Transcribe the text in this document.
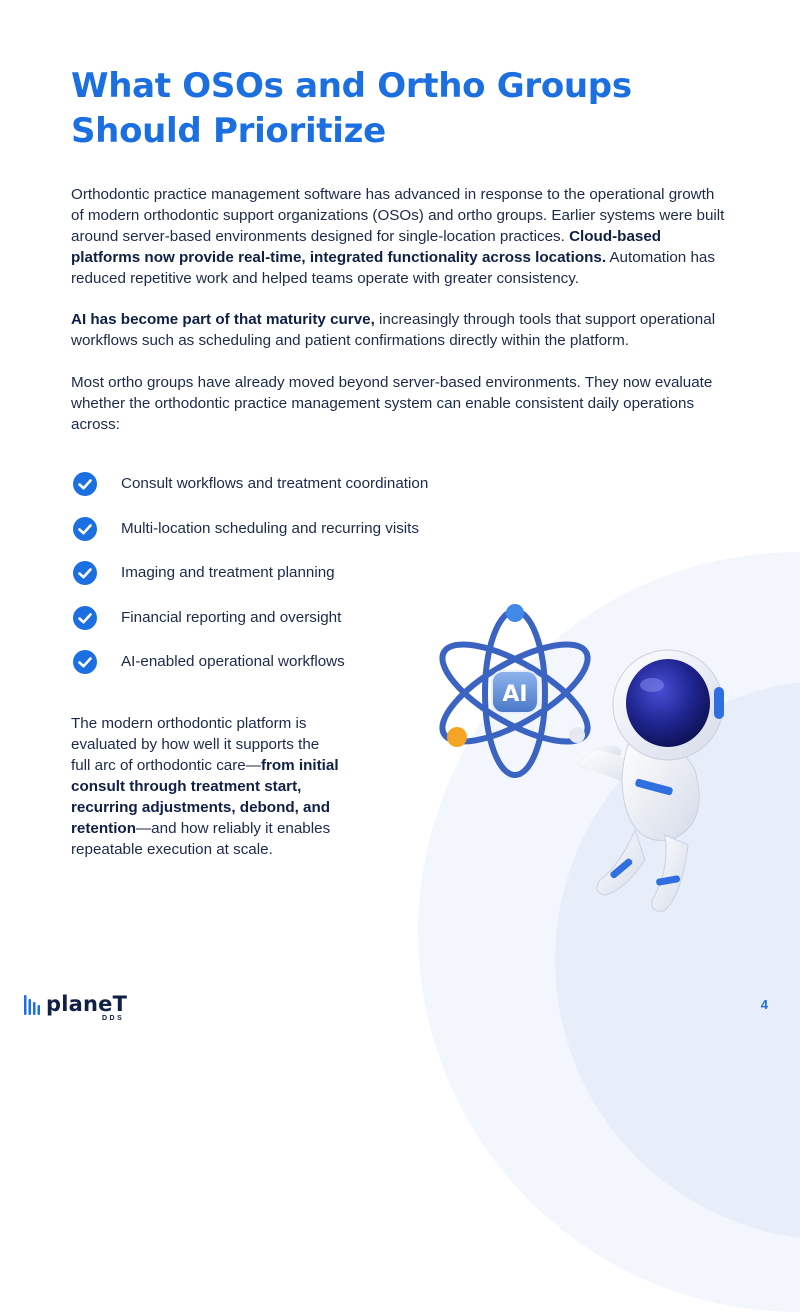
What OSOs and Ortho Groups Should Prioritize

Orthodontic practice management software has advanced in response to the operational growth of modern orthodontic support organizations (OSOs) and ortho groups. Earlier systems were built around server-based environments designed for single-location practices. Cloud-based platforms now provide real-time, integrated functionality across locations. Automation has reduced repetitive work and helped teams operate with greater consistency.

AI has become part of that maturity curve, increasingly through tools that support operational workflows such as scheduling and patient confirmations directly within the platform.

Most ortho groups have already moved beyond server-based environments. They now evaluate whether the orthodontic practice management system can enable consistent daily operations across:

Consult workflows and treatment coordination
Multi-location scheduling and recurring visits
Imaging and treatment planning
Financial reporting and oversight
AI-enabled operational workflows

The modern orthodontic platform is evaluated by how well it supports the full arc of orthodontic care—from initial consult through treatment start, recurring adjustments, debond, and retention—and how reliably it enables repeatable execution at scale.

AI
planeT
DDS
4
